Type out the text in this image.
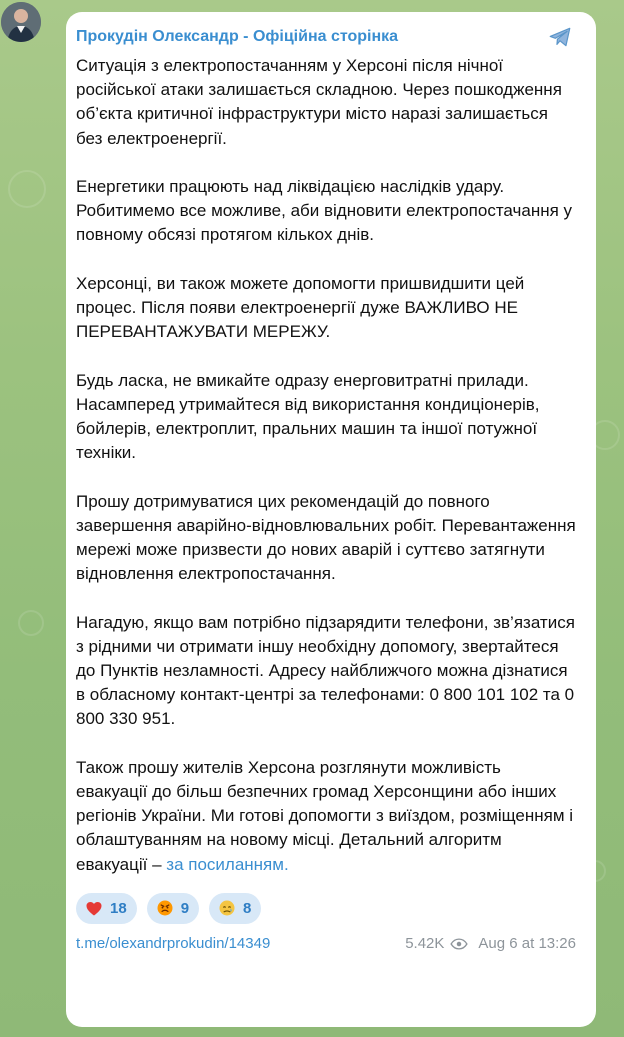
Прокудін Олександр - Офіційна сторінка

Ситуація з електропостачанням у Херсоні після нічної російської атаки залишається складною. Через пошкодження об’єкта критичної інфраструктури місто наразі залишається без електроенергії.

Енергетики працюють над ліквідацією наслідків удару. Робитимемо все можливе, аби відновити електропостачання у повному обсязі протягом кількох днів.

Херсонці, ви також можете допомогти пришвидшити цей процес. Після появи електроенергії дуже ВАЖЛИВО НЕ ПЕРЕВАНТАЖУВАТИ МЕРЕЖУ.

Будь ласка, не вмикайте одразу енерговитратні прилади. Насамперед утримайтеся від використання кондиціонерів, бойлерів, електроплит, пральних машин та іншої потужної техніки.

Прошу дотримуватися цих рекомендацій до повного завершення аварійно-відновлювальних робіт. Перевантаження мережі може призвести до нових аварій і суттєво затягнути відновлення електропостачання.

Нагадую, якщо вам потрібно підзарядити телефони, зв’язатися з рідними чи отримати іншу необхідну допомогу, звертайтеся до Пунктів незламності. Адресу найближчого можна дізнатися в обласному контакт-центрі за телефонами: 0 800 101 102 та 0 800 330 951.

Також прошу жителів Херсона розглянути можливість евакуації до більш безпечних громад Херсонщини або інших регіонів України. Ми готові допомогти з виїздом, розміщенням і облаштуванням на новому місці. Детальний алгоритм евакуації – за посиланням.

18	9	8
t.me/olexandrprokudin/14349	5.42K Aug 6 at 13:26
